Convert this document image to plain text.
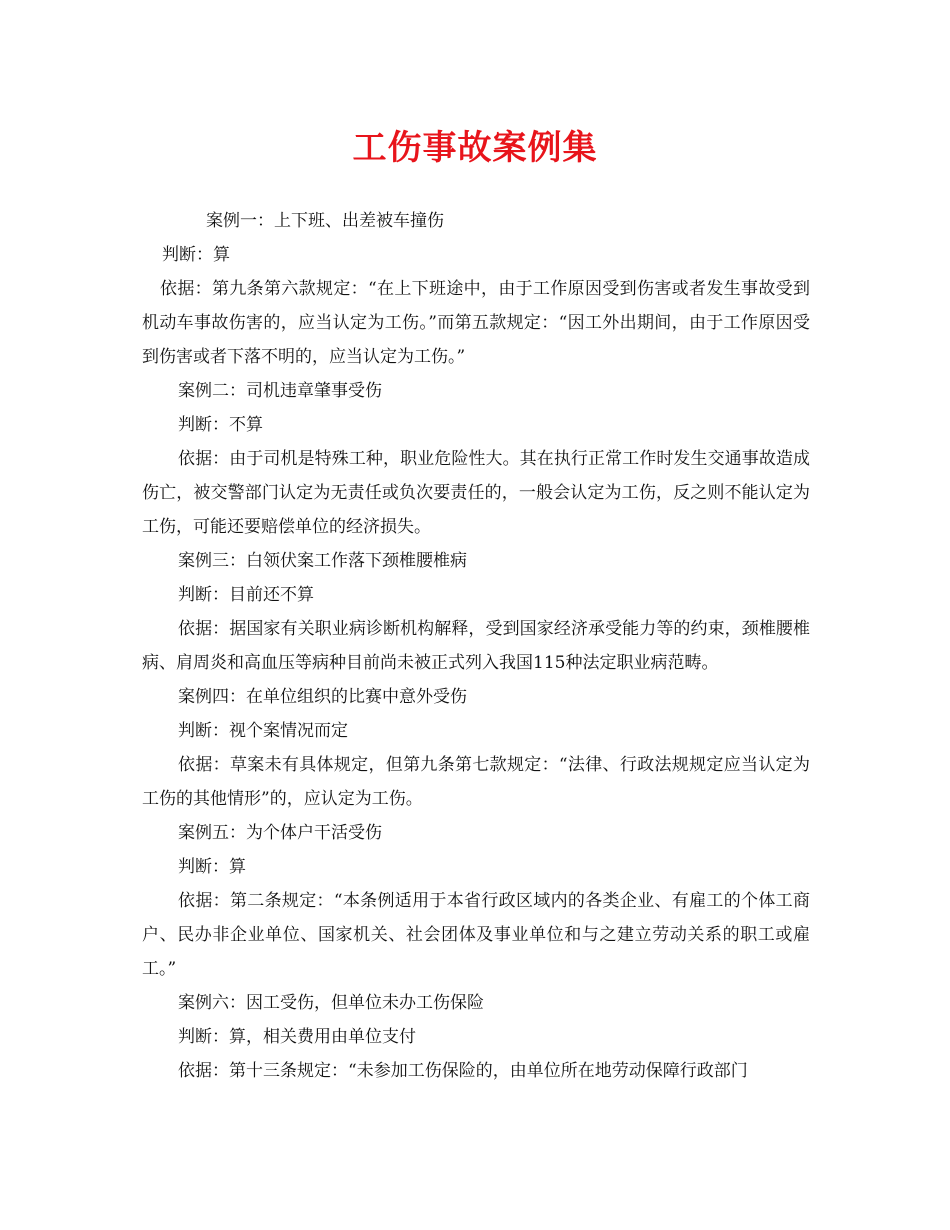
工伤事故案例集

案例一：上下班、出差被车撞伤

判断：算

依据：第九条第六款规定：“在上下班途中，由于工作原因受到伤害或者发生事故受到机动车事故伤害的，应当认定为工伤。”而第五款规定：“因工外出期间，由于工作原因受到伤害或者下落不明的，应当认定为工伤。”

案例二：司机违章肇事受伤

判断：不算

依据：由于司机是特殊工种，职业危险性大。其在执行正常工作时发生交通事故造成伤亡，被交警部门认定为无责任或负次要责任的，一般会认定为工伤，反之则不能认定为工伤，可能还要赔偿单位的经济损失。

案例三：白领伏案工作落下颈椎腰椎病

判断：目前还不算

依据：据国家有关职业病诊断机构解释，受到国家经济承受能力等的约束，颈椎腰椎病、肩周炎和高血压等病种目前尚未被正式列入我国115种法定职业病范畴。

案例四：在单位组织的比赛中意外受伤

判断：视个案情况而定

依据：草案未有具体规定，但第九条第七款规定：“法律、行政法规规定应当认定为工伤的其他情形”的，应认定为工伤。

案例五：为个体户干活受伤

判断：算

依据：第二条规定：“本条例适用于本省行政区域内的各类企业、有雇工的个体工商户、民办非企业单位、国家机关、社会团体及事业单位和与之建立劳动关系的职工或雇工。”

案例六：因工受伤，但单位未办工伤保险

判断：算，相关费用由单位支付

依据：第十三条规定：“未参加工伤保险的，由单位所在地劳动保障行政部门
